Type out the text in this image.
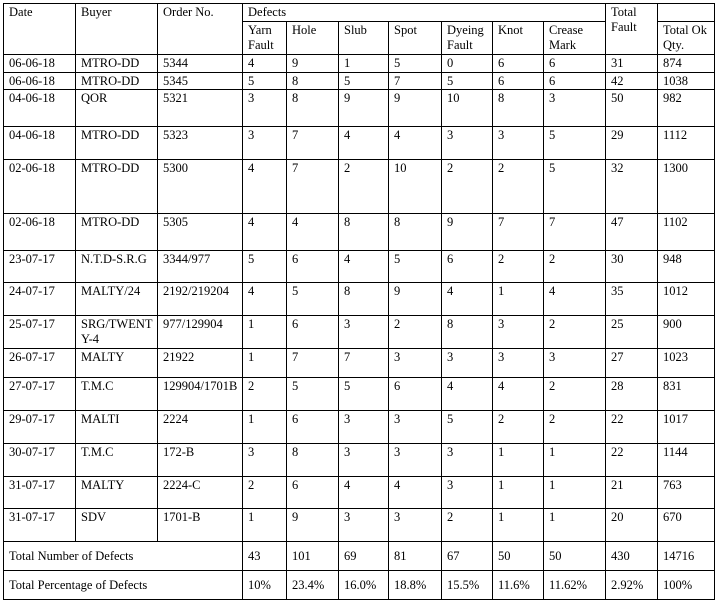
Date	Buyer	Order No.	Defects							Total Fault	
			Yarn Fault	Hole	Slub	Spot	Dyeing Fault	Knot	Crease Mark		Total Ok Qty.
06-06-18	MTRO-DD	5344	4	9	1	5	0	6	6	31	874
06-06-18	MTRO-DD	5345	5	8	5	7	5	6	6	42	1038
04-06-18	QOR	5321	3	8	9	9	10	8	3	50	982
04-06-18	MTRO-DD	5323	3	7	4	4	3	3	5	29	1112
02-06-18	MTRO-DD	5300	4	7	2	10	2	2	5	32	1300
02-06-18	MTRO-DD	5305	4	4	8	8	9	7	7	47	1102
23-07-17	N.T.D-S.R.G	3344/977	5	6	4	5	6	2	2	30	948
24-07-17	MALTY/24	2192/219204	4	5	8	9	4	1	4	35	1012
25-07-17	SRG/TWENTY-4	977/129904	1	6	3	2	8	3	2	25	900
26-07-17	MALTY	21922	1	7	7	3	3	3	3	27	1023
27-07-17	T.M.C	129904/1701B	2	5	5	6	4	4	2	28	831
29-07-17	MALTI	2224	1	6	3	3	5	2	2	22	1017
30-07-17	T.M.C	172-B	3	8	3	3	3	1	1	22	1144
31-07-17	MALTY	2224-C	2	6	4	4	3	1	1	21	763
31-07-17	SDV	1701-B	1	9	3	3	2	1	1	20	670
Total Number of Defects			43	101	69	81	67	50	50	430	14716
Total Percentage of Defects			10%	23.4%	16.0%	18.8%	15.5%	11.6%	11.62%	2.92%	100%
